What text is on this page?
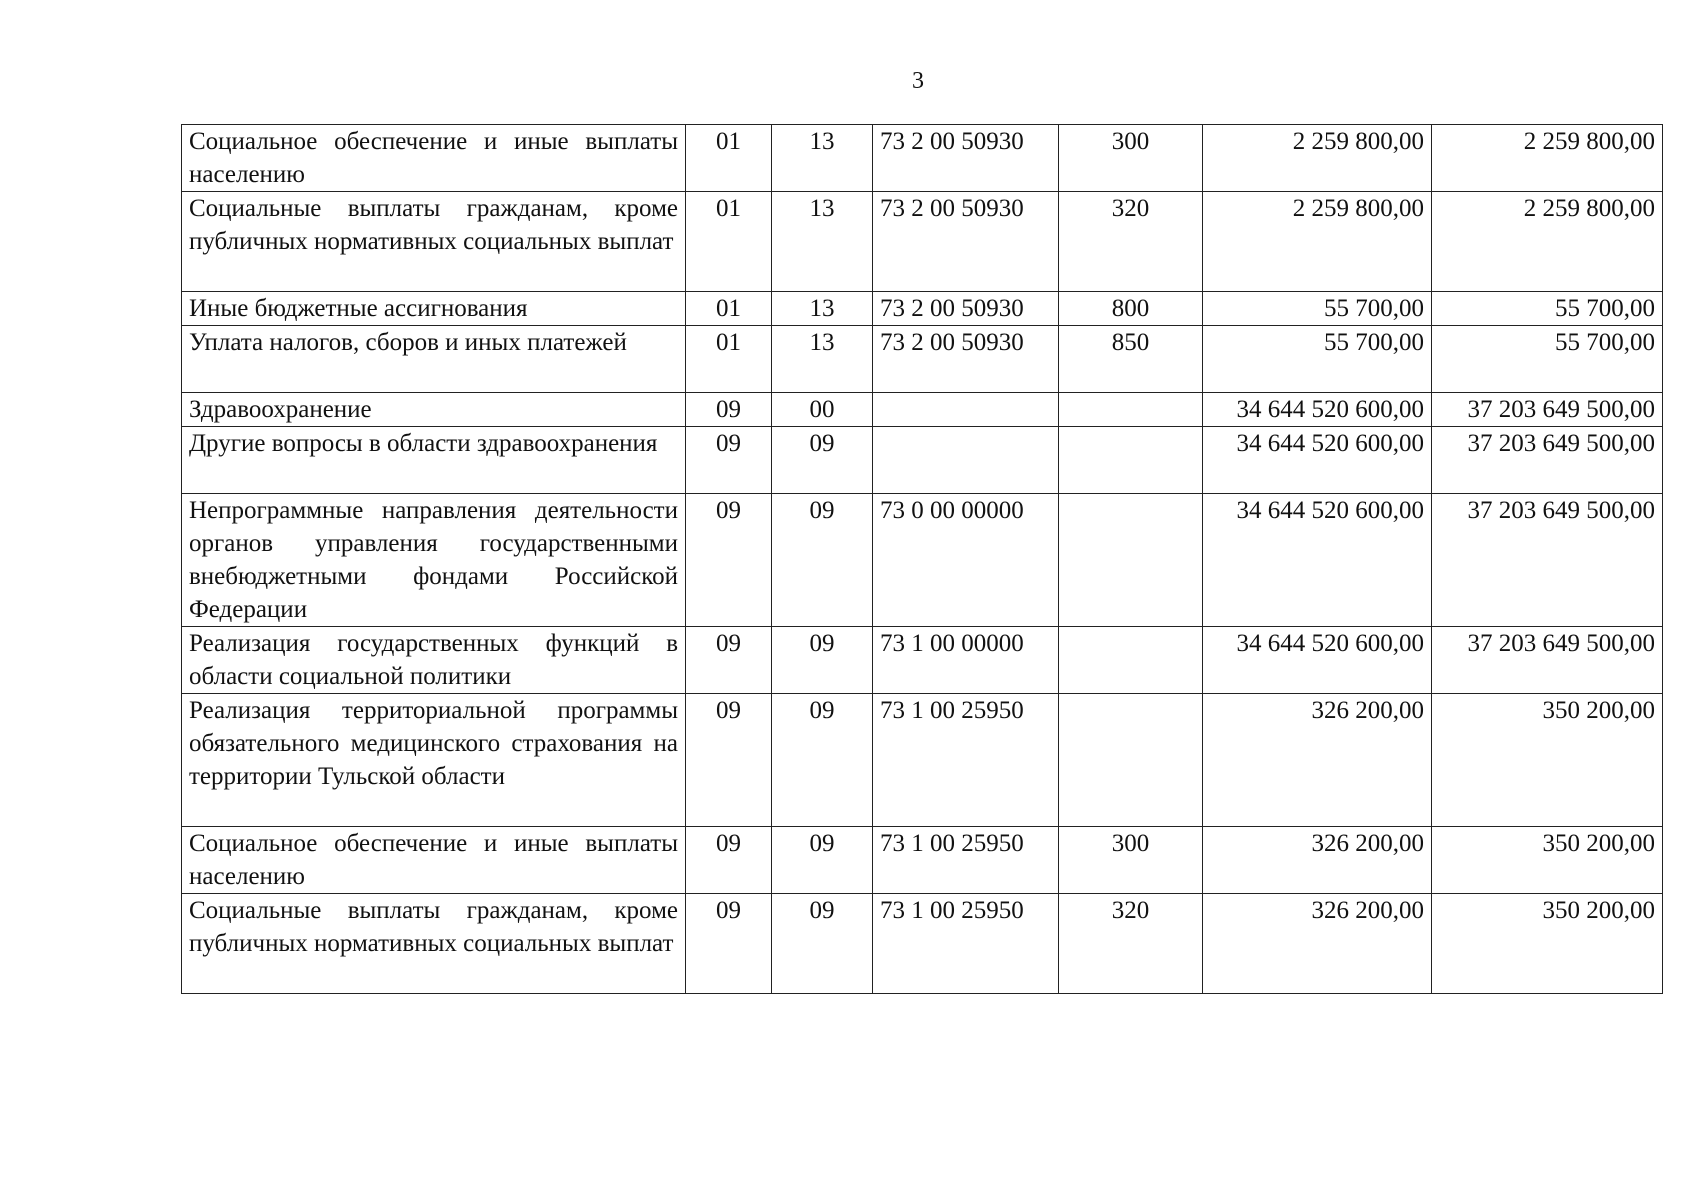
3
Социальное обеспечение и иные выплаты населению	01	13	73 2 00 50930	300	2 259 800,00	2 259 800,00
Социальные выплаты гражданам, кроме публичных нормативных социальных выплат	01	13	73 2 00 50930	320	2 259 800,00	2 259 800,00
Иные бюджетные ассигнования	01	13	73 2 00 50930	800	55 700,00	55 700,00
Уплата налогов, сборов и иных платежей	01	13	73 2 00 50930	850	55 700,00	55 700,00
Здравоохранение	09	00			34 644 520 600,00	37 203 649 500,00
Другие вопросы в области здравоохранения	09	09			34 644 520 600,00	37 203 649 500,00
Непрограммные направления деятельности органов управления государственными внебюджетными фондами Российской Федерации	09	09	73 0 00 00000		34 644 520 600,00	37 203 649 500,00
Реализация государственных функций в области социальной политики	09	09	73 1 00 00000		34 644 520 600,00	37 203 649 500,00
Реализация территориальной программы обязательного медицинского страхования на территории Тульской области	09	09	73 1 00 25950		326 200,00	350 200,00
Социальное обеспечение и иные выплаты населению	09	09	73 1 00 25950	300	326 200,00	350 200,00
Социальные выплаты гражданам, кроме публичных нормативных социальных выплат	09	09	73 1 00 25950	320	326 200,00	350 200,00
